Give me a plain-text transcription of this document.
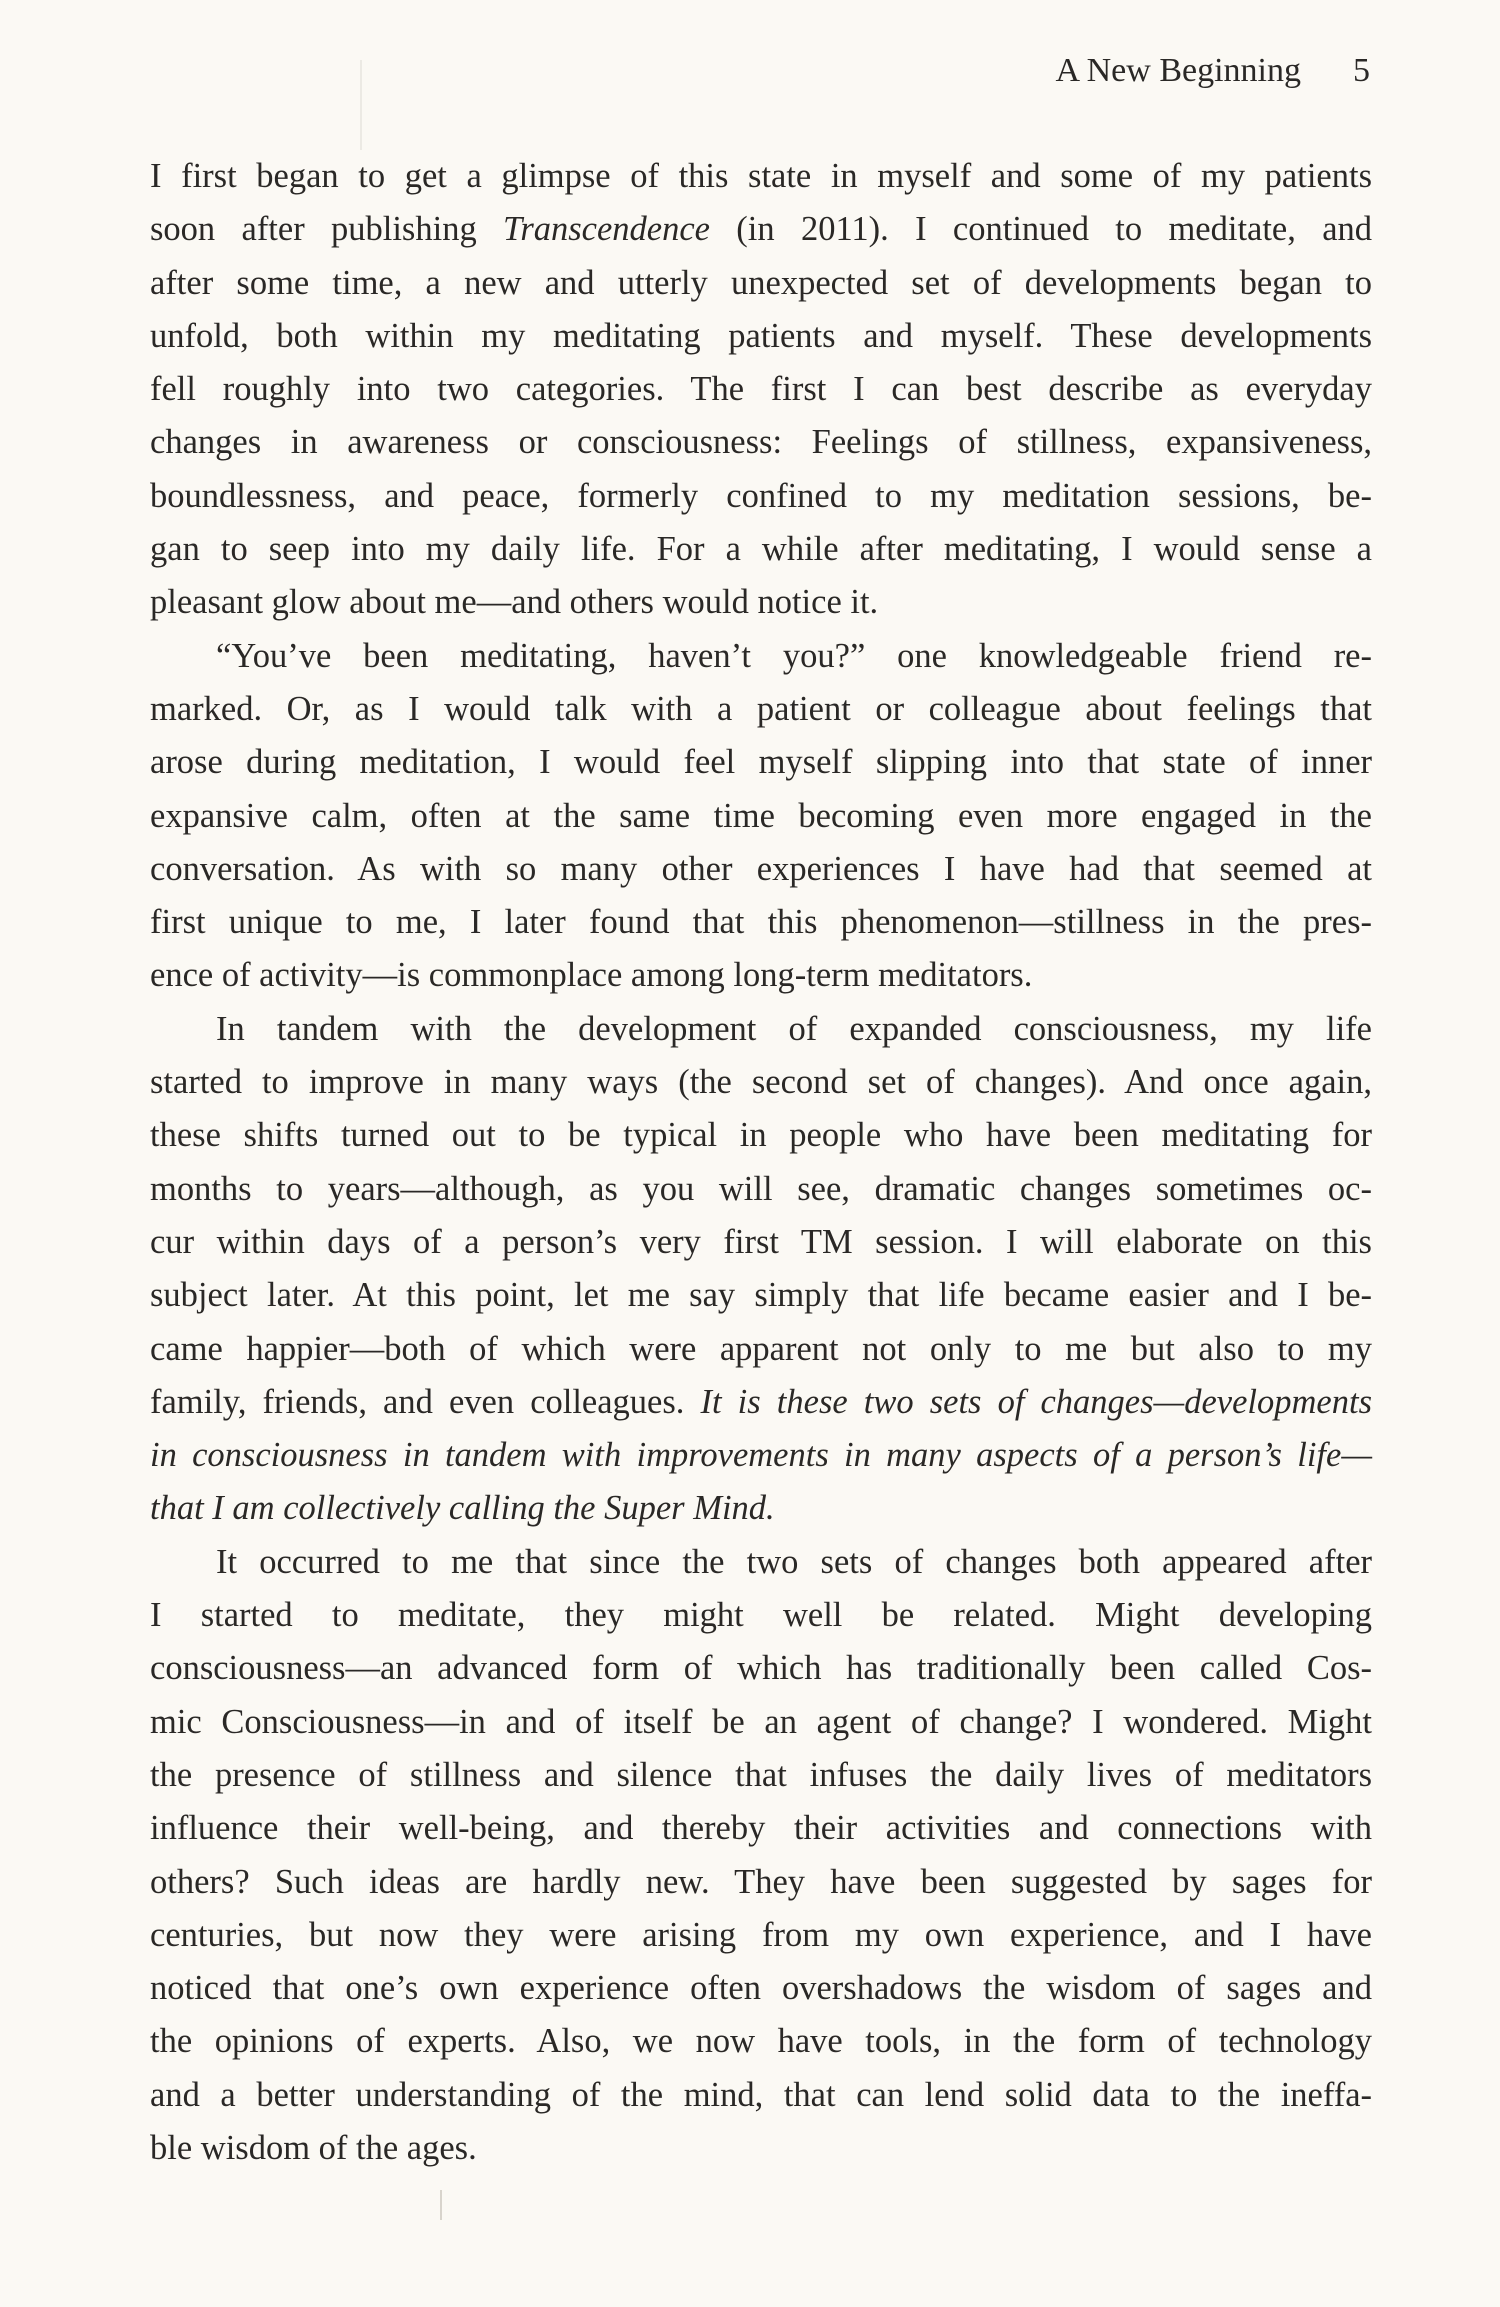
A New Beginning 5
I first began to get a glimpse of this state in myself and some of my patients
soon after publishing Transcendence (in 2011). I continued to meditate, and
after some time, a new and utterly unexpected set of developments began to
unfold, both within my meditating patients and myself. These developments
fell roughly into two categories. The first I can best describe as everyday
changes in awareness or consciousness: Feelings of stillness, expansiveness,
boundlessness, and peace, formerly confined to my meditation sessions, be-
gan to seep into my daily life. For a while after meditating, I would sense a
pleasant glow about me—and others would notice it.
“You’ve been meditating, haven’t you?” one knowledgeable friend re-
marked. Or, as I would talk with a patient or colleague about feelings that
arose during meditation, I would feel myself slipping into that state of inner
expansive calm, often at the same time becoming even more engaged in the
conversation. As with so many other experiences I have had that seemed at
first unique to me, I later found that this phenomenon—stillness in the pres-
ence of activity—is commonplace among long-term meditators.
In tandem with the development of expanded consciousness, my life
started to improve in many ways (the second set of changes). And once again,
these shifts turned out to be typical in people who have been meditating for
months to years—although, as you will see, dramatic changes sometimes oc-
cur within days of a person’s very first TM session. I will elaborate on this
subject later. At this point, let me say simply that life became easier and I be-
came happier—both of which were apparent not only to me but also to my
family, friends, and even colleagues. It is these two sets of changes—developments
in consciousness in tandem with improvements in many aspects of a person’s life—
that I am collectively calling the Super Mind.
It occurred to me that since the two sets of changes both appeared after
I started to meditate, they might well be related. Might developing
consciousness—an advanced form of which has traditionally been called Cos-
mic Consciousness—in and of itself be an agent of change? I wondered. Might
the presence of stillness and silence that infuses the daily lives of meditators
influence their well-being, and thereby their activities and connections with
others? Such ideas are hardly new. They have been suggested by sages for
centuries, but now they were arising from my own experience, and I have
noticed that one’s own experience often overshadows the wisdom of sages and
the opinions of experts. Also, we now have tools, in the form of technology
and a better understanding of the mind, that can lend solid data to the ineffa-
ble wisdom of the ages.
